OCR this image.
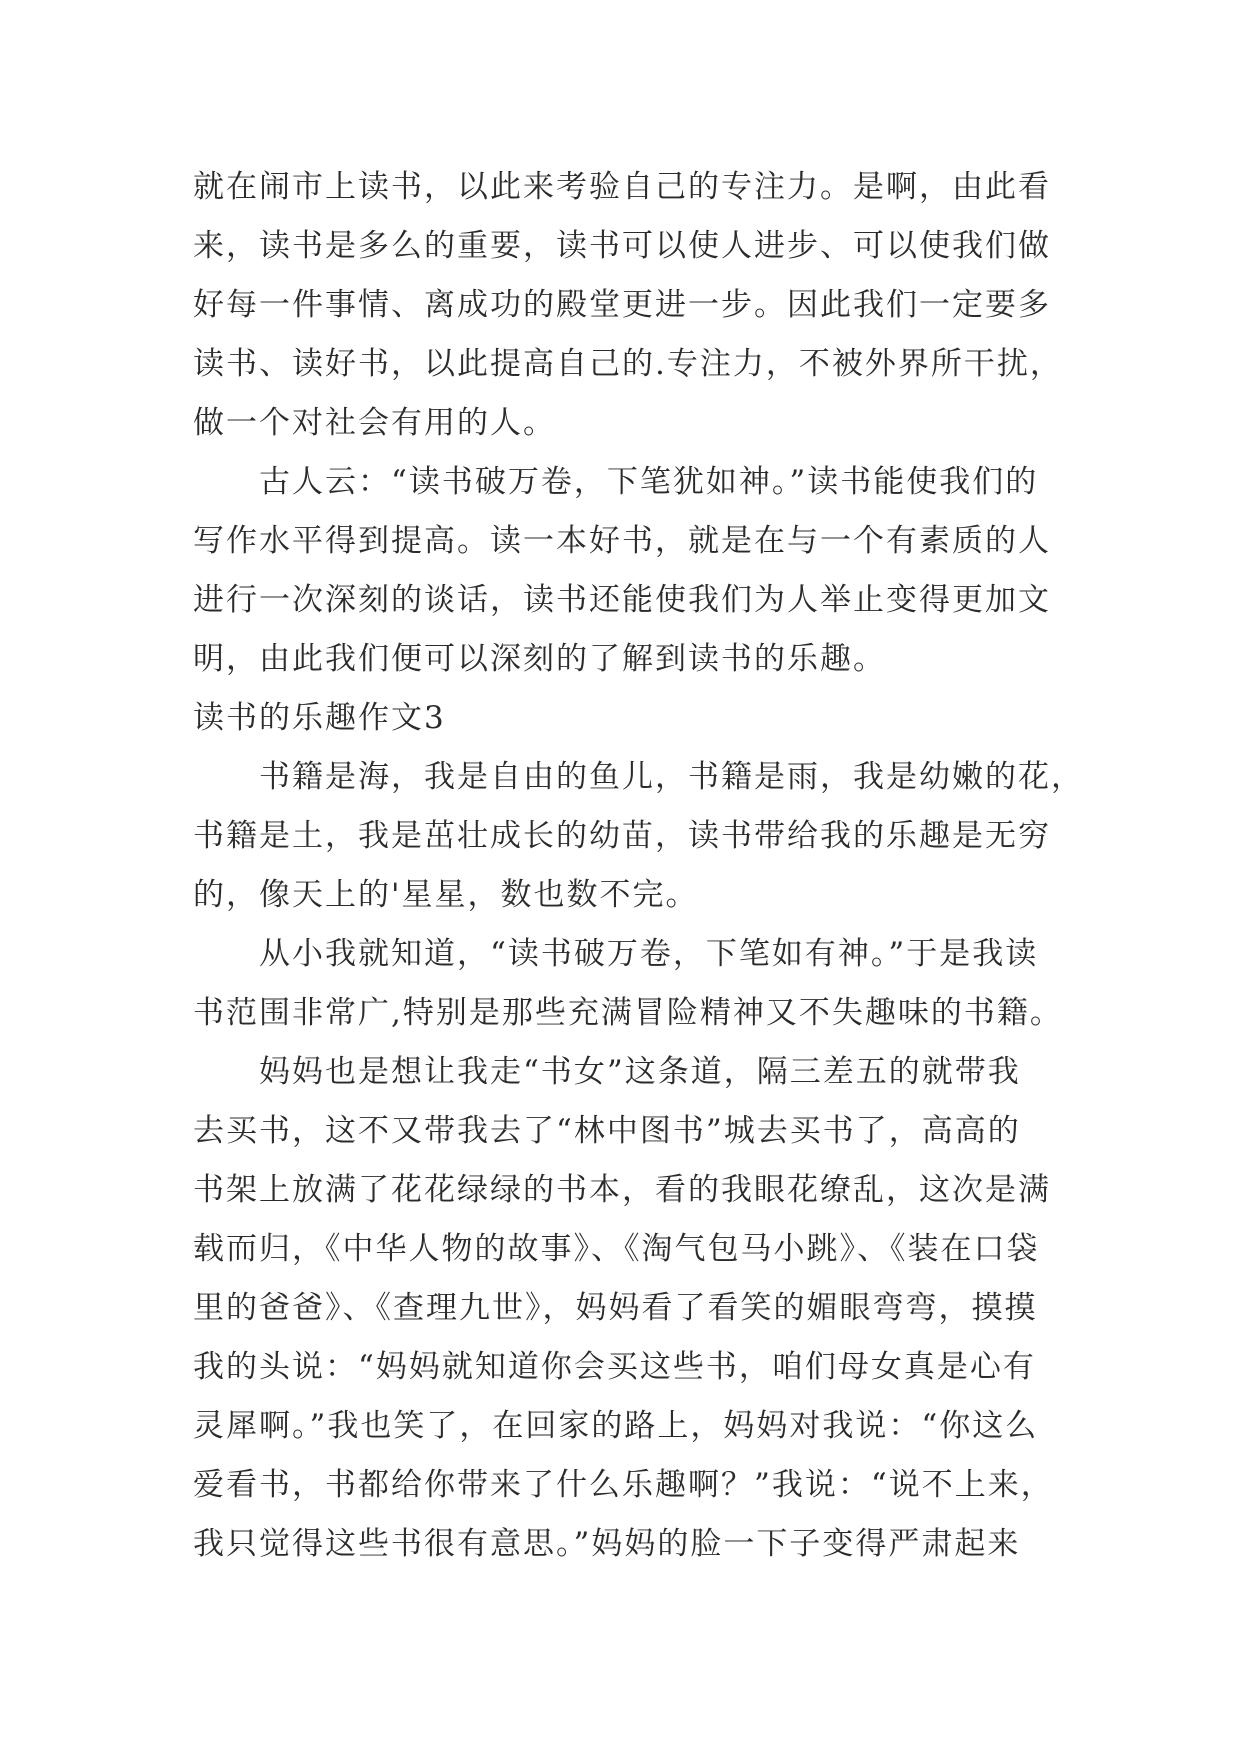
就在闹市上读书，以此来考验自己的专注力。是啊，由此看
来，读书是多么的重要，读书可以使人进步、可以使我们做
好每一件事情、离成功的殿堂更进一步。因此我们一定要多
读书、读好书，以此提高自己的.专注力，不被外界所干扰，
做一个对社会有用的人。
古人云：“读书破万卷，下笔犹如神。”读书能使我们的
写作水平得到提高。读一本好书，就是在与一个有素质的人
进行一次深刻的谈话，读书还能使我们为人举止变得更加文
明，由此我们便可以深刻的了解到读书的乐趣。
读书的乐趣作文3
书籍是海，我是自由的鱼儿，书籍是雨，我是幼嫩的花，
书籍是土，我是茁壮成长的幼苗，读书带给我的乐趣是无穷
的，像天上的'星星，数也数不完。
从小我就知道，“读书破万卷，下笔如有神。”于是我读
书范围非常广,特别是那些充满冒险精神又不失趣味的书籍。
妈妈也是想让我走“书女”这条道，隔三差五的就带我
去买书，这不又带我去了“林中图书”城去买书了，高高的
书架上放满了花花绿绿的书本，看的我眼花缭乱，这次是满
载而归，《中华人物的故事》、《淘气包马小跳》、《装在口袋
里的爸爸》、《查理九世》，妈妈看了看笑的媚眼弯弯，摸摸
我的头说：“妈妈就知道你会买这些书，咱们母女真是心有
灵犀啊。”我也笑了，在回家的路上，妈妈对我说：“你这么
爱看书，书都给你带来了什么乐趣啊？”我说：“说不上来，
我只觉得这些书很有意思。”妈妈的脸一下子变得严肃起来
